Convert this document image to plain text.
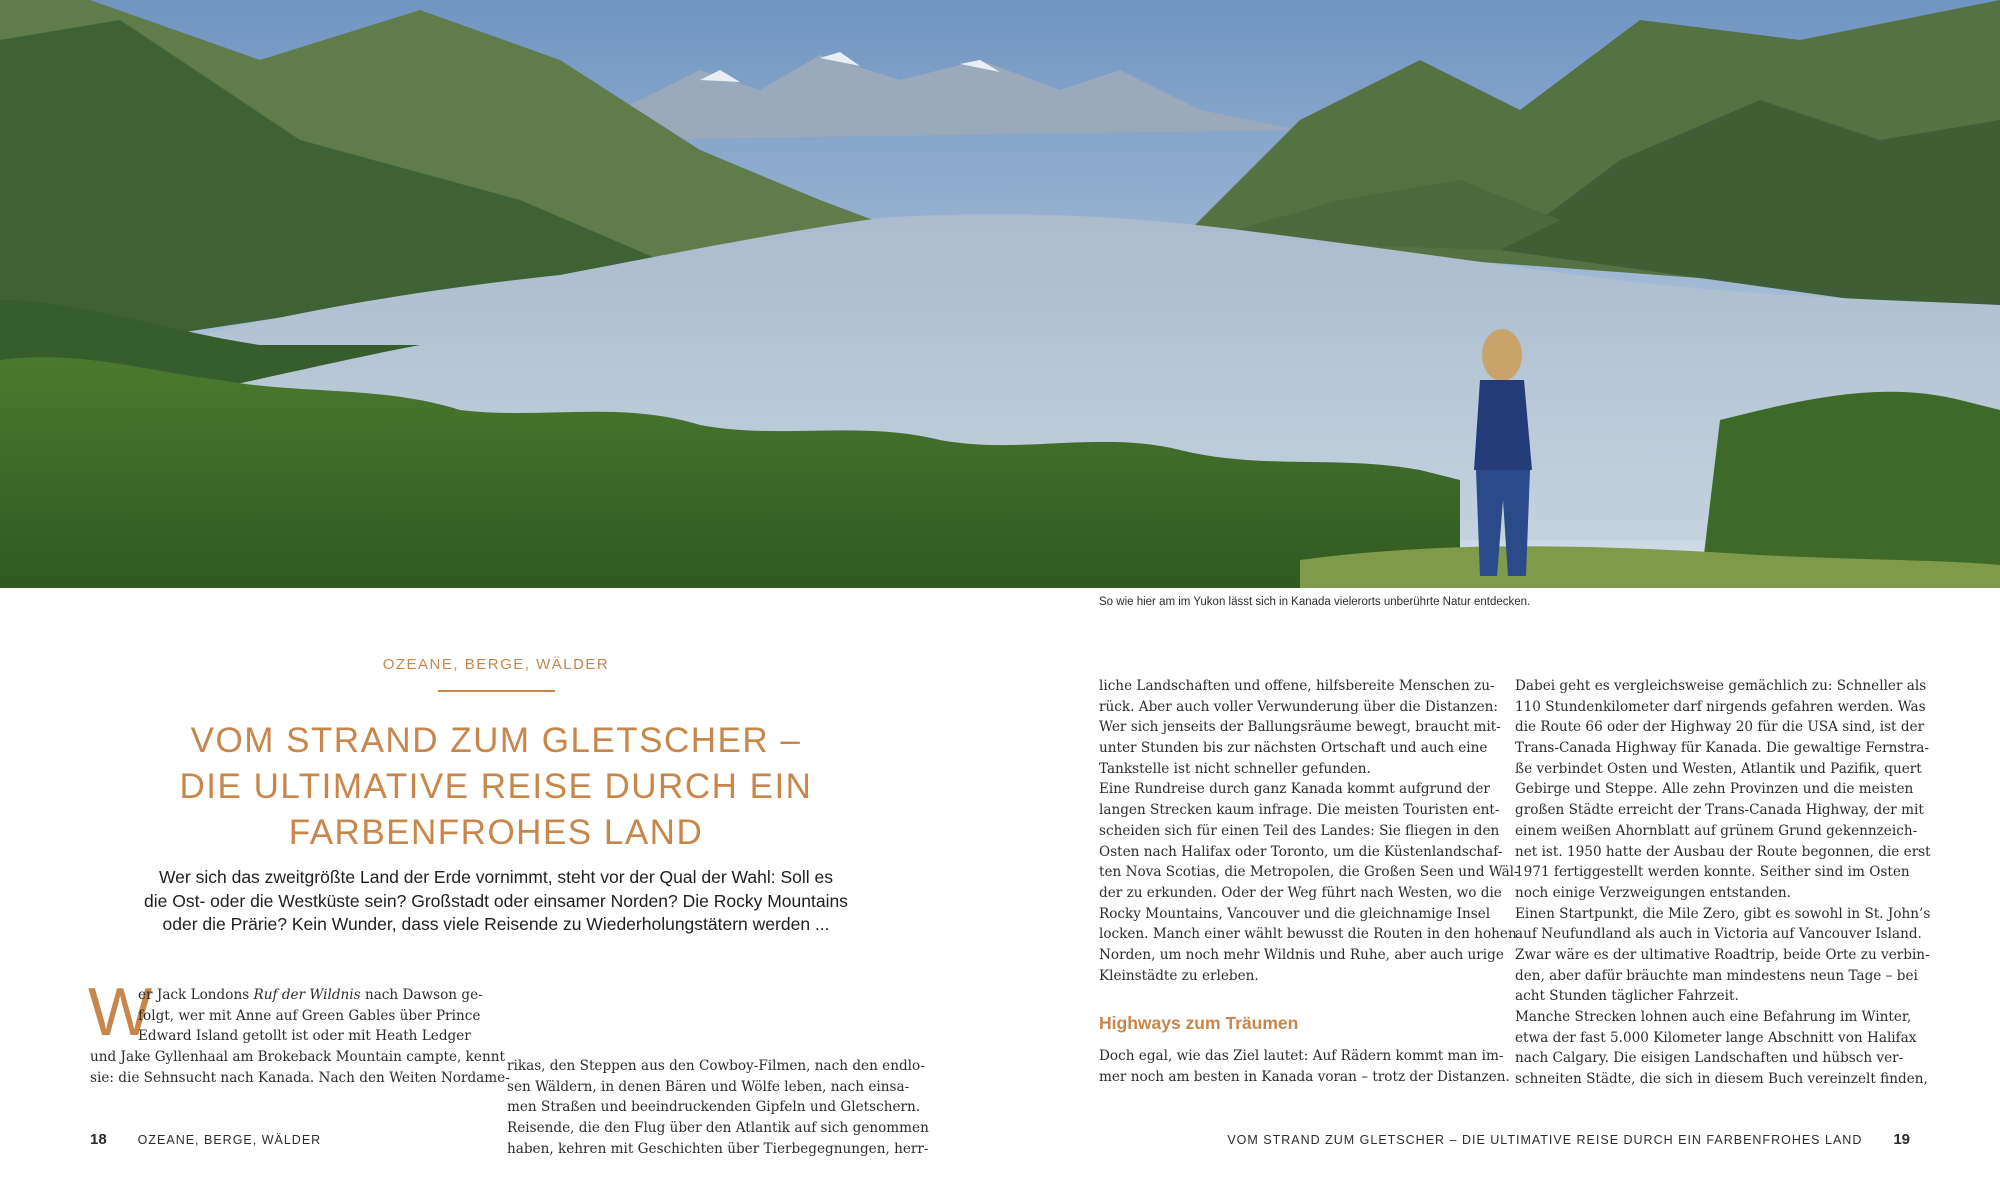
So wie hier am im Yukon lässt sich in Kanada vielerorts unberührte Natur entdecken.
OZEANE, BERGE, WÄLDER
VOM STRAND ZUM GLETSCHER –
DIE ULTIMATIVE REISE DURCH EIN
FARBENFROHES LAND
Wer sich das zweitgrößte Land der Erde vornimmt, steht vor der Qual der Wahl: Soll es
die Ost- oder die Westküste sein? Großstadt oder einsamer Norden? Die Rocky Mountains
oder die Prärie? Kein Wunder, dass viele Reisende zu Wiederholungstätern werden ...
W
er Jack Londons Ruf der Wildnis nach Dawson ge-
folgt, wer mit Anne auf Green Gables über Prince
Edward Island getollt ist oder mit Heath Ledger
und Jake Gyllenhaal am Brokeback Mountain campte, kennt
sie: die Sehnsucht nach Kanada. Nach den Weiten Nordame-
rikas, den Steppen aus den Cowboy-Filmen, nach den endlo-
sen Wäldern, in denen Bären und Wölfe leben, nach einsa-
men Straßen und beeindruckenden Gipfeln und Gletschern.
Reisende, die den Flug über den Atlantik auf sich genommen
haben, kehren mit Geschichten über Tierbegegnungen, herr-
liche Landschaften und offene, hilfsbereite Menschen zu-
rück. Aber auch voller Verwunderung über die Distanzen:
Wer sich jenseits der Ballungsräume bewegt, braucht mit-
unter Stunden bis zur nächsten Ortschaft und auch eine
Tankstelle ist nicht schneller gefunden.
Eine Rundreise durch ganz Kanada kommt aufgrund der
langen Strecken kaum infrage. Die meisten Touristen ent-
scheiden sich für einen Teil des Landes: Sie fliegen in den
Osten nach Halifax oder Toronto, um die Küstenlandschaf-
ten Nova Scotias, die Metropolen, die Großen Seen und Wäl-
der zu erkunden. Oder der Weg führt nach Westen, wo die
Rocky Mountains, Vancouver und die gleichnamige Insel
locken. Manch einer wählt bewusst die Routen in den hohen
Norden, um noch mehr Wildnis und Ruhe, aber auch urige
Kleinstädte zu erleben.
Highways zum Träumen
Doch egal, wie das Ziel lautet: Auf Rädern kommt man im-
mer noch am besten in Kanada voran – trotz der Distanzen.
Dabei geht es vergleichsweise gemächlich zu: Schneller als
110 Stundenkilometer darf nirgends gefahren werden. Was
die Route 66 oder der Highway 20 für die USA sind, ist der
Trans-Canada Highway für Kanada. Die gewaltige Fernstra-
ße verbindet Osten und Westen, Atlantik und Pazifik, quert
Gebirge und Steppe. Alle zehn Provinzen und die meisten
großen Städte erreicht der Trans-Canada Highway, der mit
einem weißen Ahornblatt auf grünem Grund gekennzeich-
net ist. 1950 hatte der Ausbau der Route begonnen, die erst
1971 fertiggestellt werden konnte. Seither sind im Osten
noch einige Verzweigungen entstanden.
Einen Startpunkt, die Mile Zero, gibt es sowohl in St. John’s
auf Neufundland als auch in Victoria auf Vancouver Island.
Zwar wäre es der ultimative Roadtrip, beide Orte zu verbin-
den, aber dafür bräuchte man mindestens neun Tage – bei
acht Stunden täglicher Fahrzeit.
Manche Strecken lohnen auch eine Befahrung im Winter,
etwa der fast 5.000 Kilometer lange Abschnitt von Halifax
nach Calgary. Die eisigen Landschaften und hübsch ver-
schneiten Städte, die sich in diesem Buch vereinzelt finden,
18 OZEANE, BERGE, WÄLDER	VOM STRAND ZUM GLETSCHER – DIE ULTIMATIVE REISE DURCH EIN FARBENFROHES LAND 19
